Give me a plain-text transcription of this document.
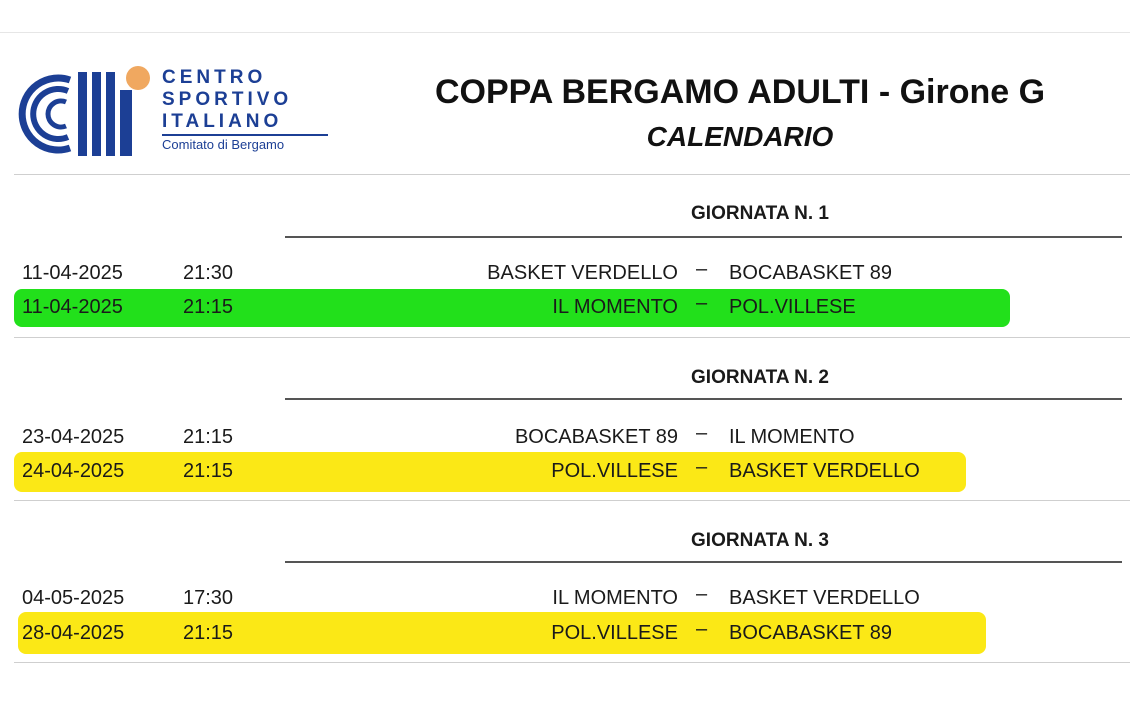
CENTRO
SPORTIVO
ITALIANO
Comitato di Bergamo
COPPA BERGAMO ADULTI - Girone G
CALENDARIO
GIORNATA N. 1
11-04-2025	21:30	BASKET VERDELLO – BOCABASKET 89
11-04-2025	21:15	IL MOMENTO – POL.VILLESE
GIORNATA N. 2
23-04-2025	21:15	BOCABASKET 89 – IL MOMENTO
24-04-2025	21:15	POL.VILLESE – BASKET VERDELLO
GIORNATA N. 3
04-05-2025	17:30	IL MOMENTO – BASKET VERDELLO
28-04-2025	21:15	POL.VILLESE – BOCABASKET 89
